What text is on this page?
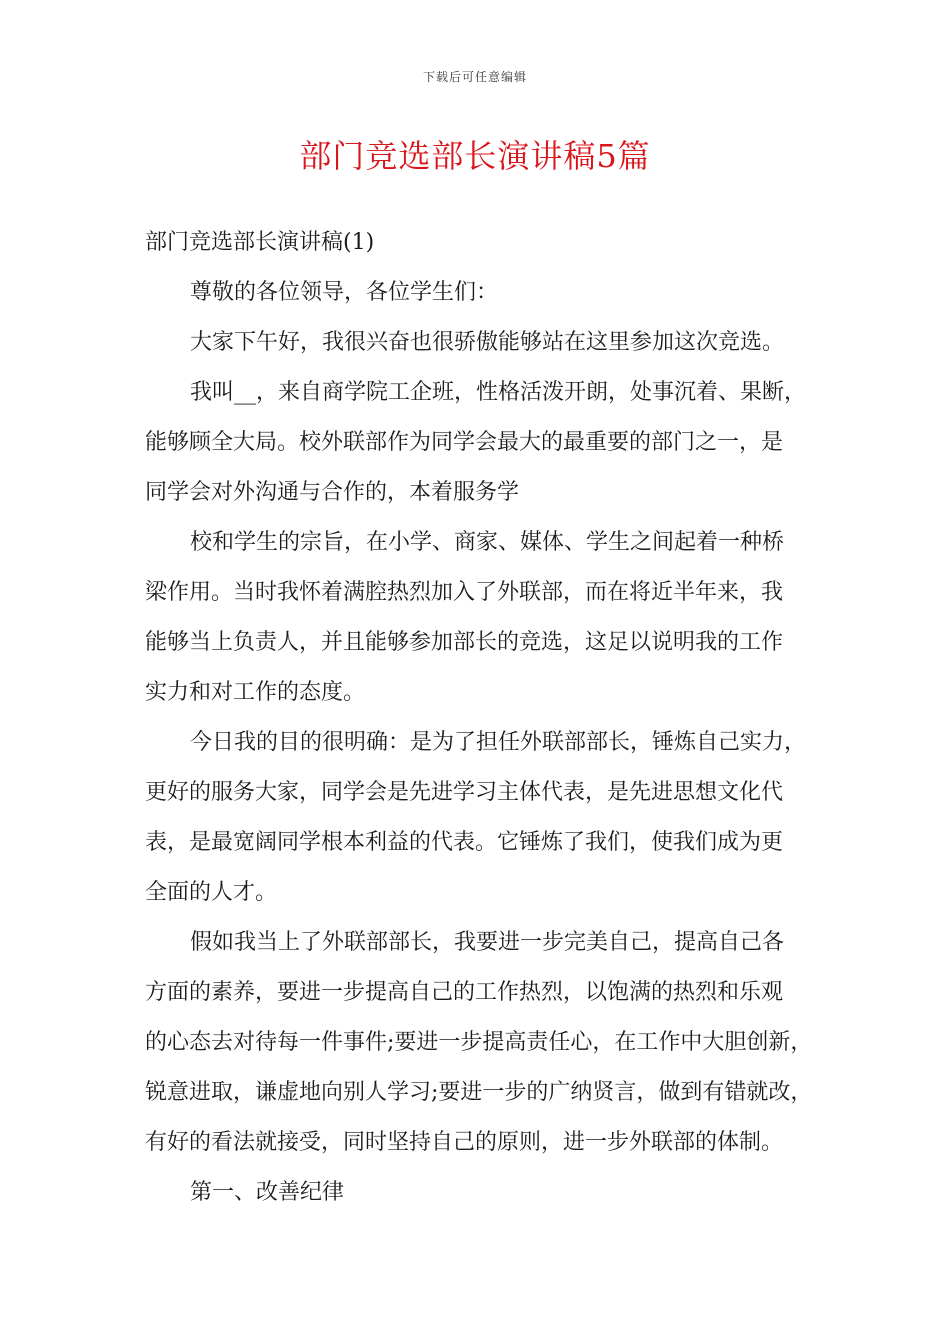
下载后可任意编辑
部门竞选部长演讲稿5篇
部门竞选部长演讲稿(1)
尊敬的各位领导，各位学生们：
大家下午好，我很兴奋也很骄傲能够站在这里参加这次竞选。
我叫__，来自商学院工企班，性格活泼开朗，处事沉着、果断，
能够顾全大局。校外联部作为同学会最大的最重要的部门之一，是
同学会对外沟通与合作的，本着服务学
校和学生的宗旨，在小学、商家、媒体、学生之间起着一种桥
梁作用。当时我怀着满腔热烈加入了外联部，而在将近半年来，我
能够当上负责人，并且能够参加部长的竞选，这足以说明我的工作
实力和对工作的态度。
今日我的目的很明确：是为了担任外联部部长，锤炼自己实力，
更好的服务大家，同学会是先进学习主体代表，是先进思想文化代
表，是最宽阔同学根本利益的代表。它锤炼了我们，使我们成为更
全面的人才。
假如我当上了外联部部长，我要进一步完美自己，提高自己各
方面的素养，要进一步提高自己的工作热烈，以饱满的热烈和乐观
的心态去对待每一件事件;要进一步提高责任心，在工作中大胆创新，
锐意进取，谦虚地向别人学习;要进一步的广纳贤言，做到有错就改，
有好的看法就接受，同时坚持自己的原则，进一步外联部的体制。
第一、改善纪律
